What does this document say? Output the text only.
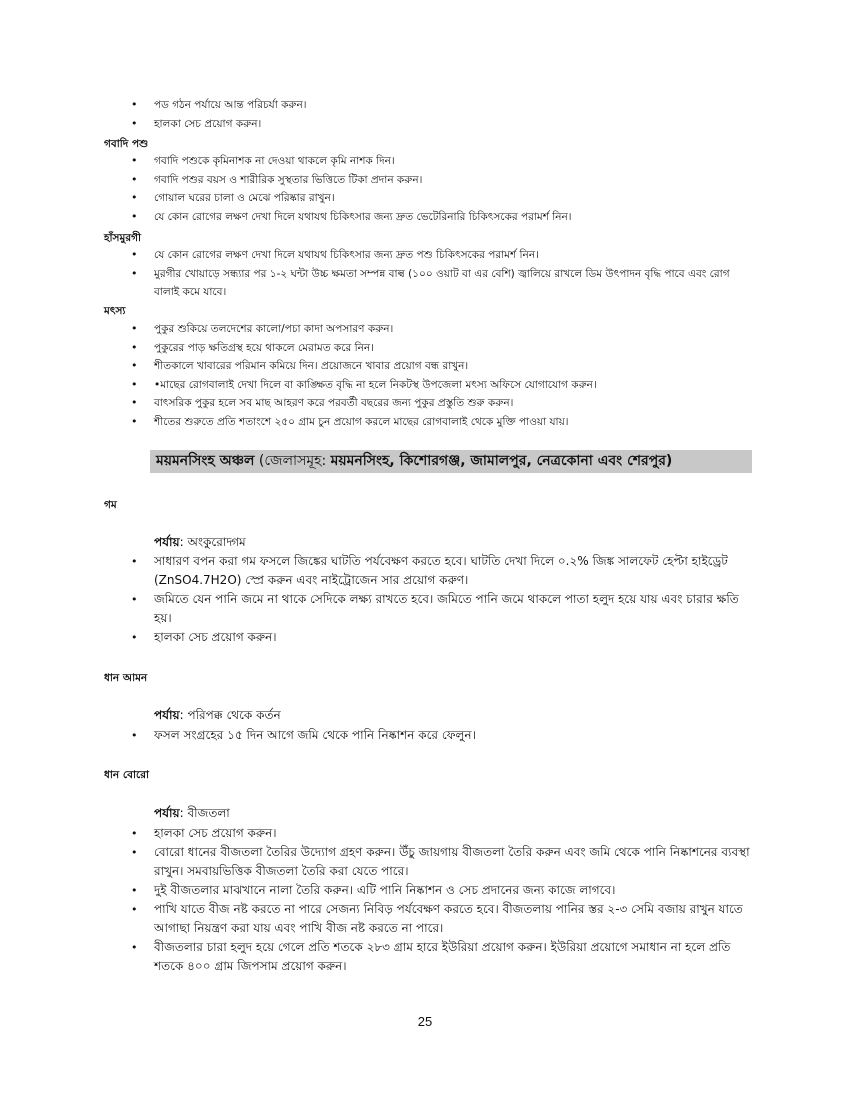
• পড গঠন পর্যায়ে আন্ত পরিচর্যা করুন।
• হালকা সেচ প্রয়োগ করুন।
গবাদি পশু
• গবাদি পশুকে কৃমিনাশক না দেওয়া থাকলে কৃমি নাশক দিন।
• গবাদি পশুর বয়স ও শারীরিক সুস্থতার ভিত্তিতে টিকা প্রদান করুন।
• গোয়াল ঘরের চালা ও মেঝে পরিষ্কার রাখুন।
• যে কোন রোগের লক্ষণ দেখা দিলে যথাযথ চিকিৎসার জন্য দ্রুত ভেটেরিনারি চিকিৎসকের পরামর্শ নিন।
হাঁসমুরগী
• যে কোন রোগের লক্ষণ দেখা দিলে যথাযথ চিকিৎসার জন্য দ্রুত পশু চিকিৎসকের পরামর্শ নিন।
• মুরগীর খোয়াড়ে সন্ধ্যার পর ১-২ ঘন্টা উচ্চ ক্ষমতা সম্পন্ন বাল্ব (১০০ ওয়াট বা এর বেশি) জ্বালিয়ে রাখলে ডিম উৎপাদন বৃদ্ধি পাবে এবং রোগ বালাই কমে যাবে।
মৎস্য
• পুকুর শুকিয়ে তলদেশের কালো/পচা কাদা অপসারণ করুন।
• পুকুরের পাড় ক্ষতিগ্রস্থ হয়ে থাকলে মেরামত করে নিন।
• শীতকালে খাবারের পরিমান কমিয়ে দিন। প্রয়োজনে খাবার প্রয়োগ বন্ধ রাখুন।
• •মাছের রোগবালাই দেখা দিলে বা কাঙ্ক্ষিত বৃদ্ধি না হলে নিকটস্থ উপজেলা মৎস্য অফিসে যোগাযোগ করুন।
• বাৎসরিক পুকুর হলে সব মাছ আহরণ করে পরবর্তী বছরের জন্য পুকুর প্রস্তুতি শুরু করুন।
• শীতের শুরুতে প্রতি শতাংশে ২৫০ গ্রাম চুন প্রয়োগ করলে মাছের রোগবালাই থেকে মুক্তি পাওয়া যায়।
ময়মনসিংহ অঞ্চল (জেলাসমূহ: ময়মনসিংহ, কিশোরগঞ্জ, জামালপুর, নেত্রকোনা এবং শেরপুর)
গম
পর্যায়: অংকুরোদ্গম
• সাধারণ বপন করা গম ফসলে জিঙ্কের ঘাটতি পর্যবেক্ষণ করতে হবে। ঘাটতি দেখা দিলে ০.২% জিঙ্ক সালফেট হেপ্টা হাইড্রেট (ZnSO4.7H2O) স্প্রে করুন এবং নাইট্রোজেন সার প্রয়োগ করুণ।
• জমিতে যেন পানি জমে না থাকে সেদিকে লক্ষ্য রাখতে হবে। জমিতে পানি জমে থাকলে পাতা হলুদ হয়ে যায় এবং চারার ক্ষতি হয়।
• হালকা সেচ প্রয়োগ করুন।
ধান আমন
পর্যায়: পরিপক্ক থেকে কর্তন
• ফসল সংগ্রহের ১৫ দিন আগে জমি থেকে পানি নিষ্কাশন করে ফেলুন।
ধান বোরো
পর্যায়: বীজতলা
• হালকা সেচ প্রয়োগ করুন।
• বোরো ধানের বীজতলা তৈরির উদ্যোগ গ্রহণ করুন। উঁচু জায়গায় বীজতলা তৈরি করুন এবং জমি থেকে পানি নিষ্কাশনের ব্যবস্থা রাখুন। সমবায়ভিত্তিক বীজতলা তৈরি করা যেতে পারে।
• দুই বীজতলার মাঝখানে নালা তৈরি করুন। এটি পানি নিষ্কাশন ও সেচ প্রদানের জন্য কাজে লাগবে।
• পাখি যাতে বীজ নষ্ট করতে না পারে সেজন্য নিবিড় পর্যবেক্ষণ করতে হবে। বীজতলায় পানির স্তর ২-৩ সেমি বজায় রাখুন যাতে আগাছা নিয়ন্ত্রণ করা যায় এবং পাখি বীজ নষ্ট করতে না পারে।
• বীজতলার চারা হলুদ হয়ে গেলে প্রতি শতকে ২৮৩ গ্রাম হারে ইউরিয়া প্রয়োগ করুন। ইউরিয়া প্রয়োগে সমাধান না হলে প্রতি শতকে ৪০০ গ্রাম জিপসাম প্রয়োগ করুন।
25
